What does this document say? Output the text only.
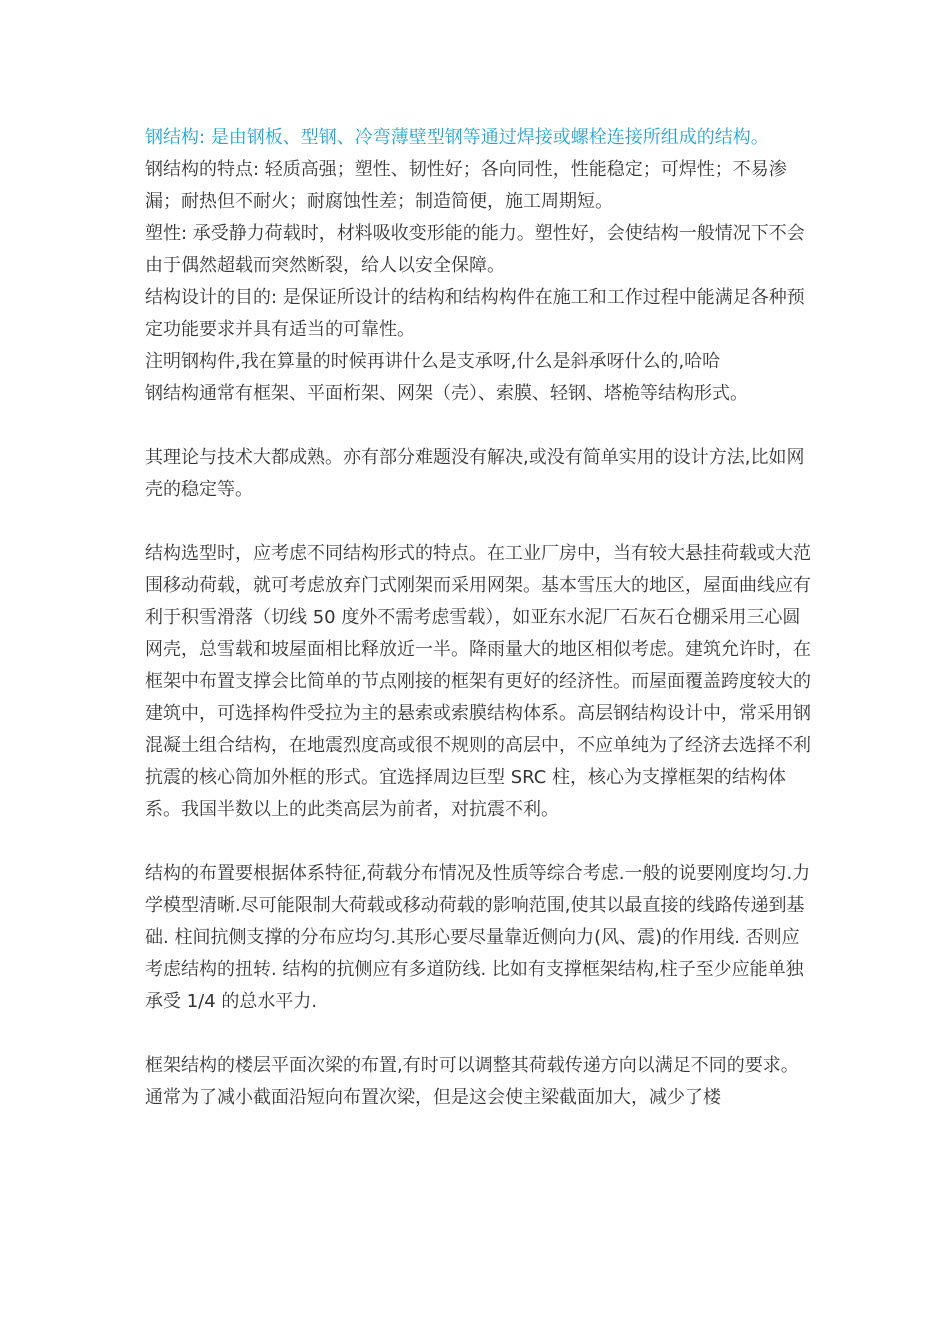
钢结构: 是由钢板、型钢、冷弯薄壁型钢等通过焊接或螺栓连接所组成的结构。

钢结构的特点: 轻质高强；塑性、韧性好；各向同性，性能稳定；可焊性；不易渗漏；耐热但不耐火；耐腐蚀性差；制造简便，施工周期短。

塑性: 承受静力荷载时，材料吸收变形能的能力。塑性好，会使结构一般情况下不会由于偶然超载而突然断裂，给人以安全保障。

结构设计的目的: 是保证所设计的结构和结构构件在施工和工作过程中能满足各种预定功能要求并具有适当的可靠性。

注明钢构件,我在算量的时候再讲什么是支承呀,什么是斜承呀什么的,哈哈

钢结构通常有框架、平面桁架、网架（壳）、索膜、轻钢、塔桅等结构形式。

其理论与技术大都成熟。亦有部分难题没有解决,或没有简单实用的设计方法,比如网壳的稳定等。

结构选型时，应考虑不同结构形式的特点。在工业厂房中，当有较大悬挂荷载或大范围移动荷载，就可考虑放弃门式刚架而采用网架。基本雪压大的地区，屋面曲线应有利于积雪滑落（切线 50 度外不需考虑雪载），如亚东水泥厂石灰石仓棚采用三心圆网壳，总雪载和坡屋面相比释放近一半。降雨量大的地区相似考虑。建筑允许时，在框架中布置支撑会比简单的节点刚接的框架有更好的经济性。而屋面覆盖跨度较大的建筑中，可选择构件受拉为主的悬索或索膜结构体系。高层钢结构设计中，常采用钢混凝土组合结构，在地震烈度高或很不规则的高层中，不应单纯为了经济去选择不利抗震的核心筒加外框的形式。宜选择周边巨型 SRC 柱，核心为支撑框架的结构体系。我国半数以上的此类高层为前者，对抗震不利。

结构的布置要根据体系特征,荷载分布情况及性质等综合考虑.一般的说要刚度均匀.力学模型清晰.尽可能限制大荷载或移动荷载的影响范围,使其以最直接的线路传递到基础. 柱间抗侧支撑的分布应均匀.其形心要尽量靠近侧向力(风、震)的作用线. 否则应考虑结构的扭转. 结构的抗侧应有多道防线. 比如有支撑框架结构,柱子至少应能单独承受 1/4 的总水平力.

框架结构的楼层平面次梁的布置,有时可以调整其荷载传递方向以满足不同的要求。通常为了减小截面沿短向布置次梁，但是这会使主梁截面加大，减少了楼
